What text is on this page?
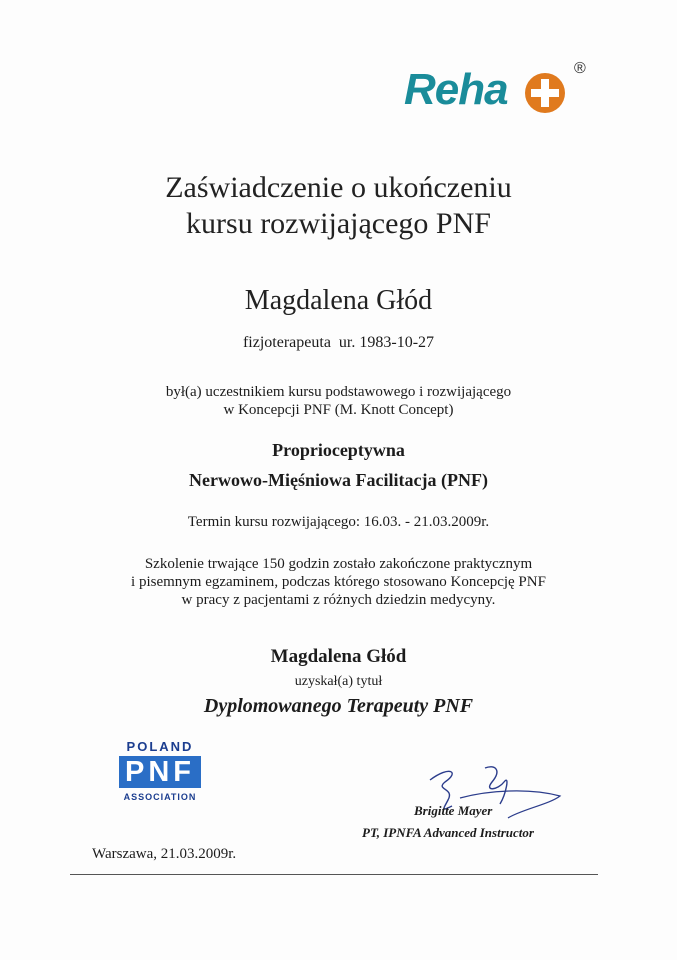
Reha	®
Zaświadczenie o ukończeniu
kursu rozwijającego PNF
Magdalena Głód
fizjoterapeuta  ur. 1983-10-27
był(a) uczestnikiem kursu podstawowego i rozwijającego
w Koncepcji PNF (M. Knott Concept)
Proprioceptywna
Nerwowo-Mięśniowa Facilitacja (PNF)
Termin kursu rozwijającego: 16.03. - 21.03.2009r.
Szkolenie trwające 150 godzin zostało zakończone praktycznym
i pisemnym egzaminem, podczas którego stosowano Koncepcję PNF
w pracy z pacjentami z różnych dziedzin medycyny.
Magdalena Głód
uzyskał(a) tytuł
Dyplomowanego Terapeuty PNF
POLAND
PNF
ASSOCIATION
Brigitte Mayer
PT, IPNFA Advanced Instructor
Warszawa, 21.03.2009r.
